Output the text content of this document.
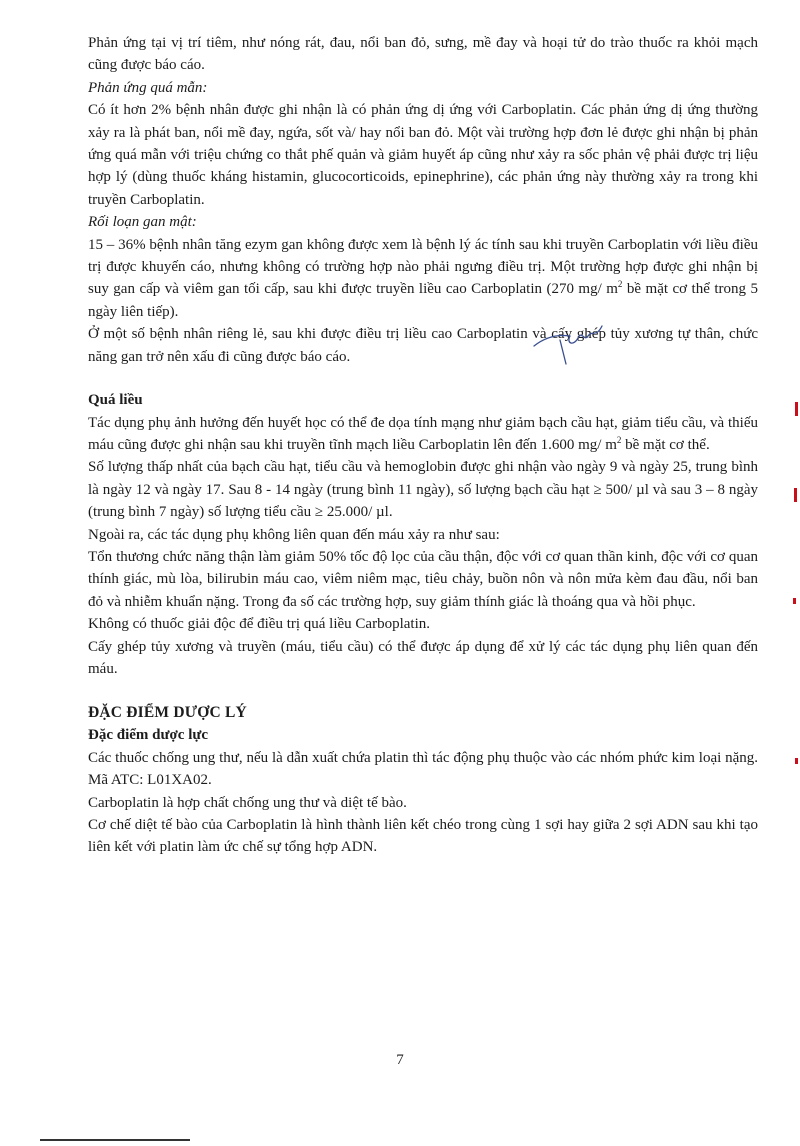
Phản ứng tại vị trí tiêm, như nóng rát, đau, nổi ban đỏ, sưng, mề đay và hoại tử do trào thuốc ra khỏi mạch cũng được báo cáo.

Phản ứng quá mẫn:

Có ít hơn 2% bệnh nhân được ghi nhận là có phản ứng dị ứng với Carboplatin. Các phản ứng dị ứng thường xảy ra là phát ban, nổi mề đay, ngứa, sốt và/ hay nổi ban đỏ. Một vài trường hợp đơn lẻ được ghi nhận bị phản ứng quá mẫn với triệu chứng co thắt phế quản và giảm huyết áp cũng như xảy ra sốc phản vệ phải được trị liệu hợp lý (dùng thuốc kháng histamin, glucocorticoids, epinephrine), các phản ứng này thường xảy ra trong khi truyền Carboplatin.

Rối loạn gan mật:

15 – 36% bệnh nhân tăng ezym gan không được xem là bệnh lý ác tính sau khi truyền Carboplatin với liều điều trị được khuyến cáo, nhưng không có trường hợp nào phải ngưng điều trị. Một trường hợp được ghi nhận bị suy gan cấp và viêm gan tối cấp, sau khi được truyền liều cao Carboplatin (270 mg/ $m^2$ bề mặt cơ thể trong 5 ngày liên tiếp).

Ở một số bệnh nhân riêng lẻ, sau khi được điều trị liều cao Carboplatin và cấy ghép tủy xương tự thân, chức năng gan trở nên xấu đi cũng được báo cáo.

Quá liều

Tác dụng phụ ảnh hưởng đến huyết học có thể đe dọa tính mạng như giảm bạch cầu hạt, giảm tiểu cầu, và thiếu máu cũng được ghi nhận sau khi truyền tĩnh mạch liều Carboplatin lên đến 1.600 mg/ $m^2$ bề mặt cơ thể.

Số lượng thấp nhất của bạch cầu hạt, tiểu cầu và hemoglobin được ghi nhận vào ngày 9 và ngày 25, trung bình là ngày 12 và ngày 17. Sau 8 - 14 ngày (trung bình 11 ngày), số lượng bạch cầu hạt ≥ 500/ µl và sau 3 – 8 ngày (trung bình 7 ngày) số lượng tiểu cầu ≥ 25.000/ µl.

Ngoài ra, các tác dụng phụ không liên quan đến máu xảy ra như sau:

Tổn thương chức năng thận làm giảm 50% tốc độ lọc của cầu thận, độc với cơ quan thần kinh, độc với cơ quan thính giác, mù lòa, bilirubin máu cao, viêm niêm mạc, tiêu chảy, buồn nôn và nôn mửa kèm đau đầu, nổi ban đỏ và nhiễm khuẩn nặng. Trong đa số các trường hợp, suy giảm thính giác là thoáng qua và hồi phục.

Không có thuốc giải độc để điều trị quá liều Carboplatin.

Cấy ghép tủy xương và truyền (máu, tiểu cầu) có thể được áp dụng để xử lý các tác dụng phụ liên quan đến máu.

ĐẶC ĐIỂM DƯỢC LÝ
Đặc điểm dược lực

Các thuốc chống ung thư, nếu là dẫn xuất chứa platin thì tác động phụ thuộc vào các nhóm phức kim loại nặng. Mã ATC: L01XA02.

Carboplatin là hợp chất chống ung thư và diệt tế bào.

Cơ chế diệt tế bào của Carboplatin là hình thành liên kết chéo trong cùng 1 sợi hay giữa 2 sợi ADN sau khi tạo liên kết với platin làm ức chế sự tổng hợp ADN.

7
